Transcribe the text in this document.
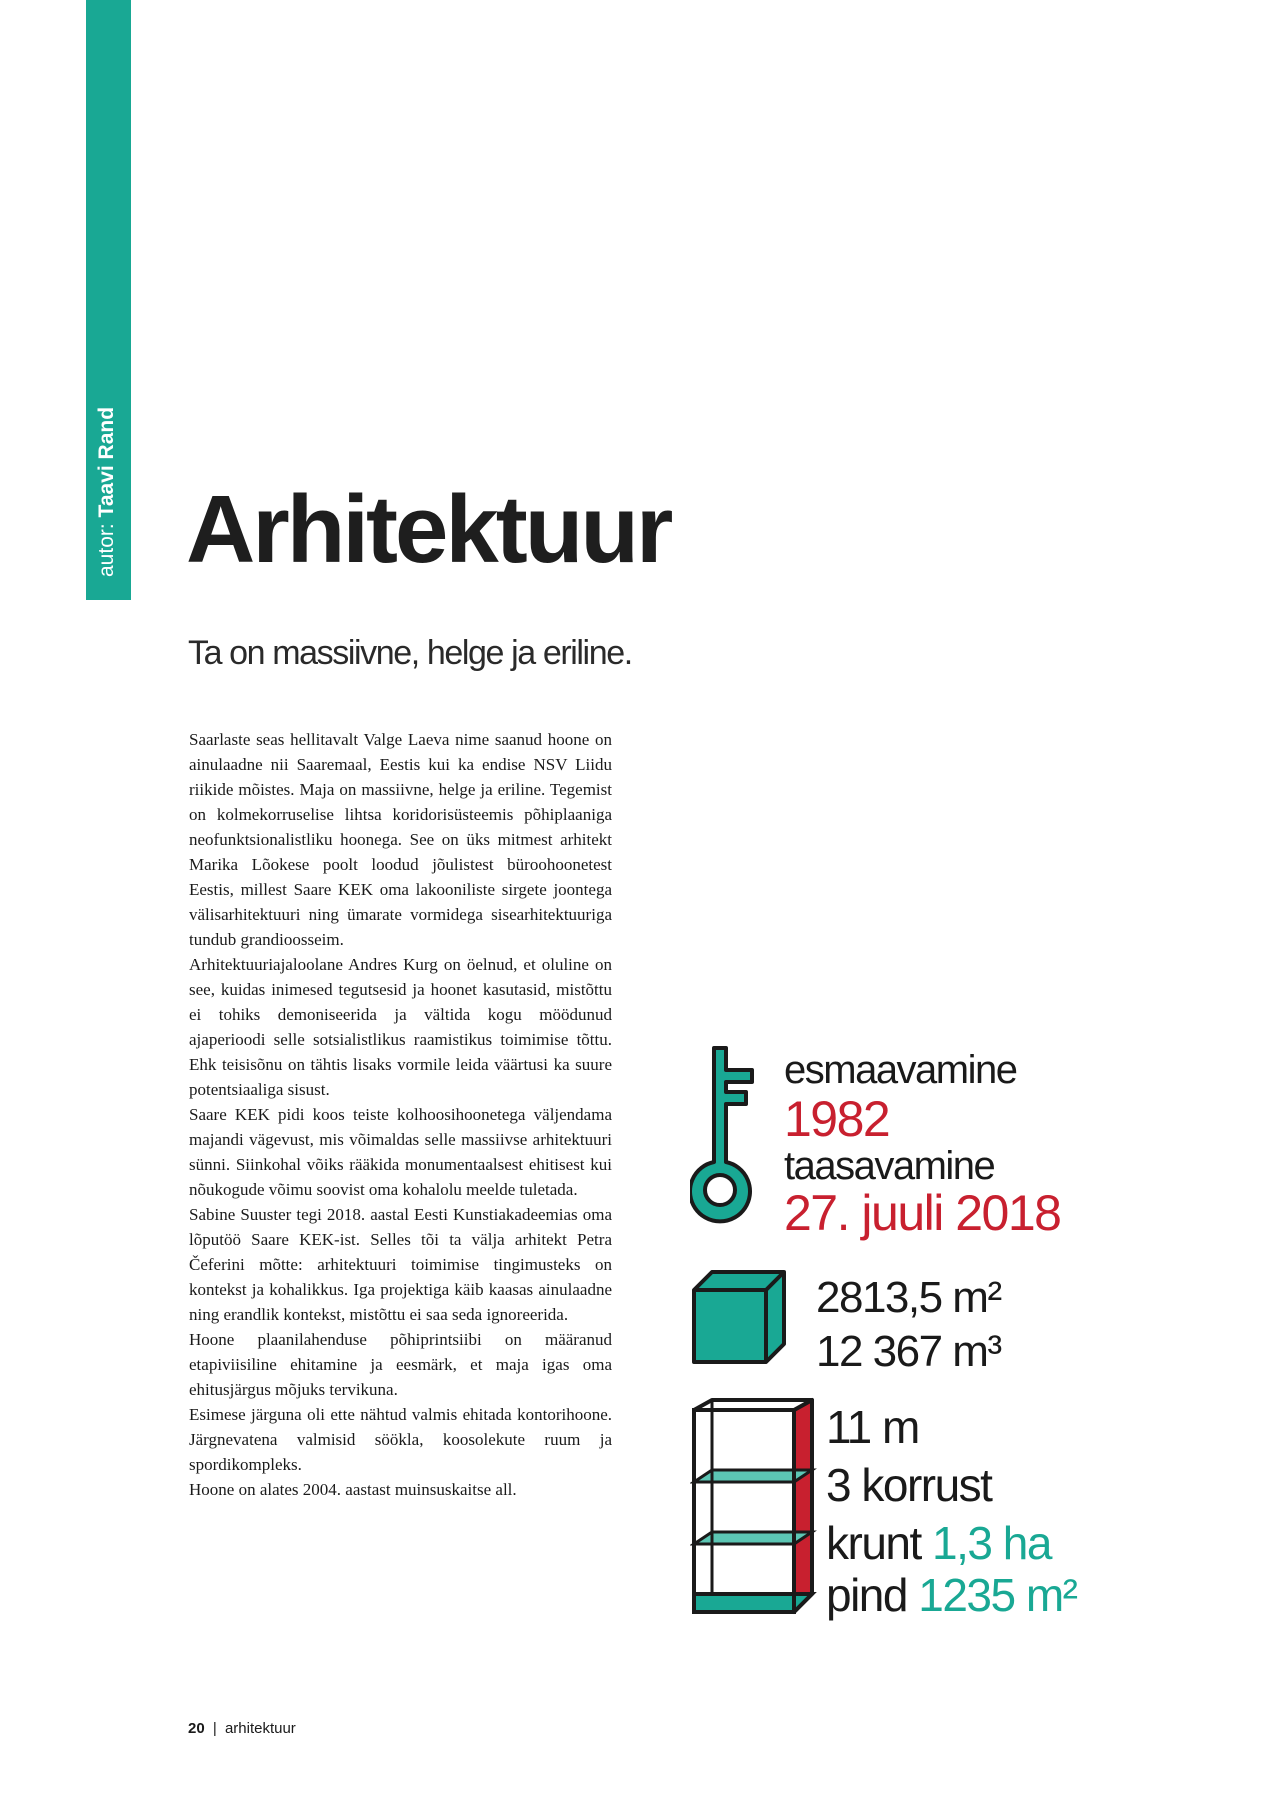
autor: Taavi Rand
Arhitektuur
Ta on massiivne, helge ja eriline.

Saarlaste seas hellitavalt Valge Laeva nime saanud hoone on ainulaadne nii Saaremaal, Eestis kui ka endise NSV Liidu riikide mõistes. Maja on massiivne, helge ja eriline. Tegemist on kolmekorruselise lihtsa koridorisüsteemis põhiplaaniga neofunktsionalistliku hoonega. See on üks mitmest arhitekt Marika Lõokese poolt loodud jõulistest büroohoonetest Eestis, millest Saare KEK oma lakooniliste sirgete joontega välisarhitektuuri ning ümarate vormidega sisearhitektuuriga tundub grandioosseim.

Arhitektuuriajaloolane Andres Kurg on öelnud, et oluline on see, kuidas inimesed tegutsesid ja hoonet kasutasid, mistõttu ei tohiks demoniseerida ja vältida kogu möödunud ajaperioodi selle sotsialistlikus raamistikus toimimise tõttu. Ehk teisisõnu on tähtis lisaks vormile leida väärtusi ka suure potentsiaaliga sisust.

Saare KEK pidi koos teiste kolhoosihoonetega väljendama majandi vägevust, mis võimaldas selle massiivse arhitektuuri sünni. Siinkohal võiks rääkida monumentaalsest ehitisest kui nõukogude võimu soovist oma kohalolu meelde tuletada.

Sabine Suuster tegi 2018. aastal Eesti Kunstiakadeemias oma lõputöö Saare KEK-ist. Selles tõi ta välja arhitekt Petra Čeferini mõtte: arhitektuuri toimimise tingimusteks on kontekst ja kohalikkus. Iga projektiga käib kaasas ainulaadne ning erandlik kontekst, mistõttu ei saa seda ignoreerida.

Hoone plaanilahenduse põhiprintsiibi on määranud etapiviisiline ehitamine ja eesmärk, et maja igas oma ehitusjärgus mõjuks tervikuna.

Esimese järguna oli ette nähtud valmis ehitada kontorihoone. Järgnevatena valmisid söökla, koosolekute ruum ja spordikompleks.

Hoone on alates 2004. aastast muinsuskaitse all.

esmaavamine
1982
taasavamine
27. juuli 2018
2813,5 m²
12 367 m³
11 m
3 korrust
krunt 1,3 ha
pind 1235 m²
20 | arhitektuur
